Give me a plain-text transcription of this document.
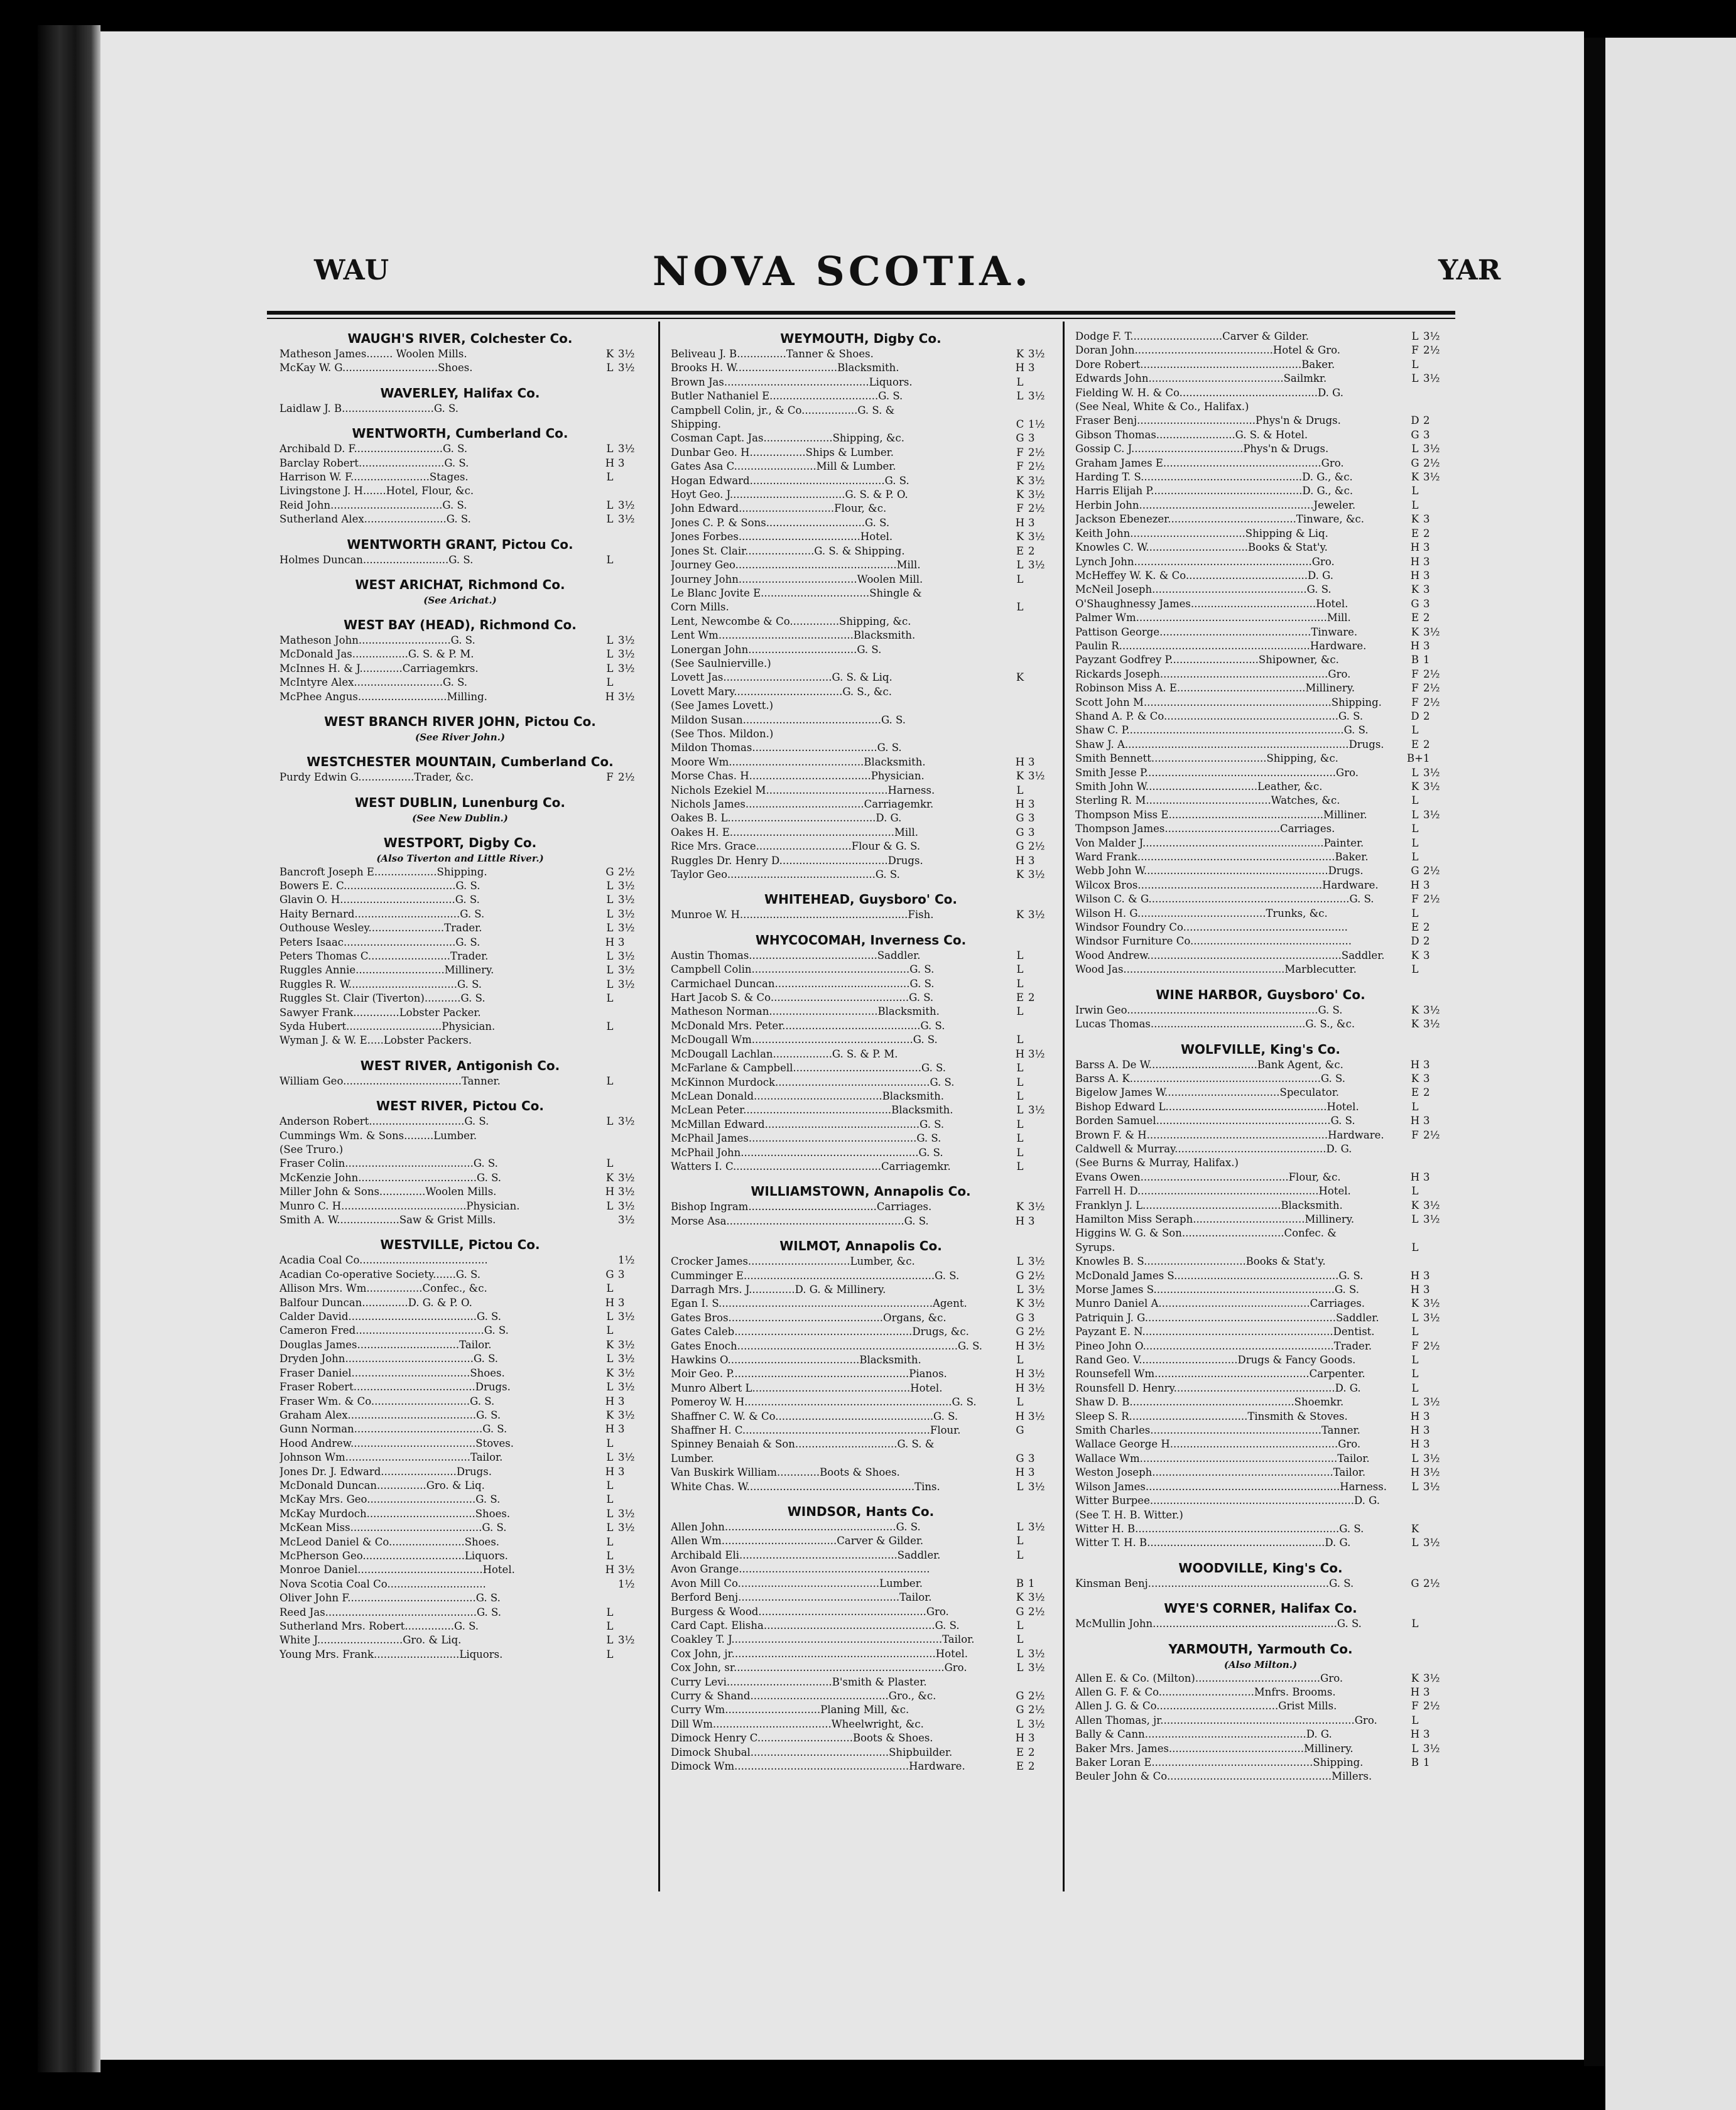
WAU	NOVA SCOTIA.	YAR
WAUGH'S RIVER, Colchester Co.
Matheson James........ Woolen Mills.	K 3½
McKay W. G.............................Shoes.	L 3½
WAVERLEY, Halifax Co.
Laidlaw J. B............................G. S.
WENTWORTH, Cumberland Co.
Archibald D. F...........................G. S.	L 3½
Barclay Robert..........................G. S.	H 3
Harrison W. F........................Stages.	L
Livingstone J. H.......Hotel, Flour, &c.
Reid John..................................G. S.	L 3½
Sutherland Alex.........................G. S.	L 3½
WENTWORTH GRANT, Pictou Co.
Holmes Duncan..........................G. S.	L
WEST ARICHAT, Richmond Co.
(See Arichat.)
WEST BAY (HEAD), Richmond Co.
Matheson John............................G. S.	L 3½
McDonald Jas.................G. S. & P. M.	L 3½
McInnes H. & J.............Carriagemkrs.	L 3½
McIntyre Alex...........................G. S.	L
McPhee Angus...........................Milling.	H 3½
WEST BRANCH RIVER JOHN, Pictou Co.
(See River John.)
WESTCHESTER MOUNTAIN, Cumberland Co.
Purdy Edwin G.................Trader, &c.	F 2½
WEST DUBLIN, Lunenburg Co.
(See New Dublin.)
WESTPORT, Digby Co.
(Also Tiverton and Little River.)
Bancroft Joseph E...................Shipping.	G 2½
Bowers E. C..................................G. S.	L 3½
Glavin O. H...................................G. S.	L 3½
Haity Bernard................................G. S.	L 3½
Outhouse Wesley.......................Trader.	L 3½
Peters Isaac..................................G. S.	H 3
Peters Thomas C.........................Trader.	L 3½
Ruggles Annie...........................Millinery.	L 3½
Ruggles R. W.................................G. S.	L 3½
Ruggles St. Clair (Tiverton)...........G. S.	L
Sawyer Frank..............Lobster Packer.
Syda Hubert.............................Physician.	L
Wyman J. & W. E.....Lobster Packers.
WEST RIVER, Antigonish Co.
William Geo....................................Tanner.	L
WEST RIVER, Pictou Co.
Anderson Robert.............................G. S.	L 3½
Cummings Wm. & Sons.........Lumber.
(See Truro.)
Fraser Colin.......................................G. S.	L
McKenzie John....................................G. S.	K 3½
Miller John & Sons..............Woolen Mills.	H 3½
Munro C. H......................................Physician.	L 3½
Smith A. W...................Saw & Grist Mills.	3½
WESTVILLE, Pictou Co.
Acadia Coal Co.......................................	1½
Acadian Co-operative Society.......G. S.	G 3
Allison Mrs. Wm.................Confec., &c.	L
Balfour Duncan..............D. G. & P. O.	H 3
Calder David.......................................G. S.	L 3½
Cameron Fred.......................................G. S.	L
Douglas James...............................Tailor.	K 3½
Dryden John.......................................G. S.	L 3½
Fraser Daniel....................................Shoes.	K 3½
Fraser Robert.....................................Drugs.	L 3½
Fraser Wm. & Co..............................G. S.	H 3
Graham Alex.......................................G. S.	K 3½
Gunn Norman.......................................G. S.	H 3
Hood Andrew......................................Stoves.	L
Johnson Wm......................................Tailor.	L 3½
Jones Dr. J. Edward.......................Drugs.	H 3
McDonald Duncan...............Gro. & Liq.	L
McKay Mrs. Geo.................................G. S.	L
McKay Murdoch.................................Shoes.	L 3½
McKean Miss........................................G. S.	L 3½
McLeod Daniel & Co.......................Shoes.	L
McPherson Geo...............................Liquors.	L
Monroe Daniel......................................Hotel.	H 3½
Nova Scotia Coal Co..............................	1½
Oliver John F.......................................G. S.
Reed Jas..............................................G. S.	L
Sutherland Mrs. Robert...............G. S.	L
White J..........................Gro. & Liq.	L 3½
Young Mrs. Frank..........................Liquors.	L
WEYMOUTH, Digby Co.
Beliveau J. B...............Tanner & Shoes.	K 3½
Brooks H. W...............................Blacksmith.	H 3
Brown Jas............................................Liquors.	L
Butler Nathaniel E.................................G. S.	L 3½
Campbell Colin, jr., & Co.................G. S. &
Shipping.	C 1½
Cosman Capt. Jas.....................Shipping, &c.	G 3
Dunbar Geo. H.................Ships & Lumber.	F 2½
Gates Asa C.........................Mill & Lumber.	F 2½
Hogan Edward.........................................G. S.	K 3½
Hoyt Geo. J...................................G. S. & P. O.	K 3½
John Edward.............................Flour, &c.	F 2½
Jones C. P. & Sons..............................G. S.	H 3
Jones Forbes.....................................Hotel.	K 3½
Jones St. Clair.....................G. S. & Shipping.	E 2
Journey Geo.................................................Mill.	L 3½
Journey John....................................Woolen Mill.	L
Le Blanc Jovite E.................................Shingle &
Corn Mills.	L
Lent, Newcombe & Co...............Shipping, &c.
Lent Wm.........................................Blacksmith.
Lonergan John.................................G. S.
(See Saulnierville.)
Lovett Jas.................................G. S. & Liq.	K
Lovett Mary.................................G. S., &c.
(See James Lovett.)
Mildon Susan..........................................G. S.
(See Thos. Mildon.)
Mildon Thomas......................................G. S.
Moore Wm.........................................Blacksmith.	H 3
Morse Chas. H.....................................Physician.	K 3½
Nichols Ezekiel M.....................................Harness.	L
Nichols James....................................Carriagemkr.	H 3
Oakes B. L.............................................D. G.	G 3
Oakes H. E..................................................Mill.	G 3
Rice Mrs. Grace.............................Flour & G. S.	G 2½
Ruggles Dr. Henry D.................................Drugs.	H 3
Taylor Geo.............................................G. S.	K 3½
WHITEHEAD, Guysboro' Co.
Munroe W. H...................................................Fish.	K 3½
WHYCOCOMAH, Inverness Co.
Austin Thomas.......................................Saddler.	L
Campbell Colin................................................G. S.	L
Carmichael Duncan.........................................G. S.	L
Hart Jacob S. & Co..........................................G. S.	E 2
Matheson Norman.................................Blacksmith.	L
McDonald Mrs. Peter..........................................G. S.
McDougall Wm.................................................G. S.	L
McDougall Lachlan..................G. S. & P. M.	H 3½
McFarlane & Campbell.......................................G. S.	L
McKinnon Murdock...............................................G. S.	L
McLean Donald.......................................Blacksmith.	L
McLean Peter.............................................Blacksmith.	L 3½
McMillan Edward...............................................G. S.	L
McPhail James...................................................G. S.	L
McPhail John......................................................G. S.	L
Watters I. C.............................................Carriagemkr.	L
WILLIAMSTOWN, Annapolis Co.
Bishop Ingram.......................................Carriages.	K 3½
Morse Asa......................................................G. S.	H 3
WILMOT, Annapolis Co.
Crocker James...............................Lumber, &c.	L 3½
Cumminger E..........................................................G. S.	G 2½
Darragh Mrs. J..............D. G. & Millinery.	L 3½
Egan I. S.................................................................Agent.	K 3½
Gates Bros...............................................Organs, &c.	G 3
Gates Caleb......................................................Drugs, &c.	G 2½
Gates Enoch...................................................................G. S.	H 3½
Hawkins O........................................Blacksmith.	L
Moir Geo. P......................................................Pianos.	H 3½
Munro Albert L................................................Hotel.	H 3½
Pomeroy W. H...............................................................G. S.	L
Shaffner C. W. & Co................................................G. S.	H 3½
Shaffner H. C.........................................................Flour.	G
Spinney Benaiah & Son...............................G. S. &
Lumber.	G 3
Van Buskirk William.............Boots & Shoes.	H 3
White Chas. W...................................................Tins.	L 3½
WINDSOR, Hants Co.
Allen John....................................................G. S.	L 3½
Allen Wm...................................Carver & Gilder.	L
Archibald Eli................................................Saddler.	L
Avon Grange..........................................................
Avon Mill Co...........................................Lumber.	B 1
Berford Benj.................................................Tailor.	K 3½
Burgess & Wood...................................................Gro.	G 2½
Card Capt. Elisha....................................................G. S.	L
Coakley T. J................................................................Tailor.	L
Cox John, jr..............................................................Hotel.	L 3½
Cox John, sr................................................................Gro.	L 3½
Curry Levi................................B'smith & Plaster.
Curry & Shand..........................................Gro., &c.	G 2½
Curry Wm.............................Planing Mill, &c.	G 2½
Dill Wm....................................Wheelwright, &c.	L 3½
Dimock Henry C.............................Boots & Shoes.	H 3
Dimock Shubal..........................................Shipbuilder.	E 2
Dimock Wm.....................................................Hardware.	E 2
Dodge F. T............................Carver & Gilder.	L 3½
Doran John..........................................Hotel & Gro.	F 2½
Dore Robert.................................................Baker.	L
Edwards John.........................................Sailmkr.	L 3½
Fielding W. H. & Co..........................................D. G.
(See Neal, White & Co., Halifax.)
Fraser Benj....................................Phys'n & Drugs.	D 2
Gibson Thomas........................G. S. & Hotel.	G 3
Gossip C. J..................................Phys'n & Drugs.	L 3½
Graham James E................................................Gro.	G 2½
Harding T. S.................................................D. G., &c.	K 3½
Harris Elijah P..............................................D. G., &c.	L
Herbin John.....................................................Jeweler.	L
Jackson Ebenezer.......................................Tinware, &c.	K 3
Keith John...................................Shipping & Liq.	E 2
Knowles C. W...............................Books & Stat'y.	H 3
Lynch John......................................................Gro.	H 3
McHeffey W. K. & Co.....................................D. G.	H 3
McNeil Joseph...............................................G. S.	K 3
O'Shaughnessy James......................................Hotel.	G 3
Palmer Wm..........................................................Mill.	E 2
Pattison George..............................................Tinware.	K 3½
Paulin R..........................................................Hardware.	H 3
Payzant Godfrey P...........................Shipowner, &c.	B 1
Rickards Joseph...................................................Gro.	F 2½
Robinson Miss A. E.......................................Millinery.	F 2½
Scott John M.........................................................Shipping.	F 2½
Shand A. P. & Co.....................................................G. S.	D 2
Shaw C. P..................................................................G. S.	L
Shaw J. A....................................................................Drugs.	E 2
Smith Bennett...................................Shipping, &c.	B+ 1
Smith Jesse P..........................................................Gro.	L 3½
Smith John W..................................Leather, &c.	K 3½
Sterling R. M......................................Watches, &c.	L
Thompson Miss E...............................................Milliner.	L 3½
Thompson James...................................Carriages.	L
Von Malder J.......................................................Painter.	L
Ward Frank............................................................Baker.	L
Webb John W........................................................Drugs.	G 2½
Wilcox Bros........................................................Hardware.	H 3
Wilson C. & G.............................................................G. S.	F 2½
Wilson H. G.......................................Trunks, &c.	L
Windsor Foundry Co..................................................	E 2
Windsor Furniture Co.................................................	D 2
Wood Andrew...........................................................Saddler.	K 3
Wood Jas.................................................Marblecutter.	L
WINE HARBOR, Guysboro' Co.
Irwin Geo..........................................................G. S.	K 3½
Lucas Thomas...............................................G. S., &c.	K 3½
WOLFVILLE, King's Co.
Barss A. De W.................................Bank Agent, &c.	H 3
Barss A. K..........................................................G. S.	K 3
Bigelow James W...................................Speculator.	E 2
Bishop Edward L.................................................Hotel.	L
Borden Samuel.....................................................G. S.	H 3
Brown F. & H.......................................................Hardware.	F 2½
Caldwell & Murray..............................................D. G.
(See Burns & Murray, Halifax.)
Evans Owen.............................................Flour, &c.	H 3
Farrell H. D.......................................................Hotel.	L
Franklyn J. L..........................................Blacksmith.	K 3½
Hamilton Miss Seraph..................................Millinery.	L 3½
Higgins W. G. & Son...............................Confec. &
Syrups.	L
Knowles B. S...............................Books & Stat'y.
McDonald James S..................................................G. S.	H 3
Morse James S.......................................................G. S.	H 3
Munro Daniel A..............................................Carriages.	K 3½
Patriquin J. G..........................................................Saddler.	L 3½
Payzant E. N..........................................................Dentist.	L
Pineo John O..........................................................Trader.	F 2½
Rand Geo. V..............................Drugs & Fancy Goods.	L
Rounsefell Wm...............................................Carpenter.	L
Rounsfell D. Henry.................................................D. G.	L
Shaw D. B..................................................Shoemkr.	L 3½
Sleep S. R....................................Tinsmith & Stoves.	H 3
Smith Charles....................................................Tanner.	H 3
Wallace George H...................................................Gro.	H 3
Wallace Wm............................................................Tailor.	L 3½
Weston Joseph.......................................................Tailor.	H 3½
Wilson James...........................................................Harness.	L 3½
Witter Burpee..............................................................D. G.
(See T. H. B. Witter.)
Witter H. B..............................................................G. S.	K
Witter T. H. B......................................................D. G.	L 3½
WOODVILLE, King's Co.
Kinsman Benj.......................................................G. S.	G 2½
WYE'S CORNER, Halifax Co.
McMullin John........................................................G. S.	L
YARMOUTH, Yarmouth Co.
(Also Milton.)
Allen E. & Co. (Milton)......................................Gro.	K 3½
Allen G. F. & Co.............................Mnfrs. Brooms.	H 3
Allen J. G. & Co.....................................Grist Mills.	F 2½
Allen Thomas, jr...........................................................Gro.	L
Bally & Cann.................................................D. G.	H 3
Baker Mrs. James.........................................Millinery.	L 3½
Baker Loran E.................................................Shipping.	B 1
Beuler John & Co..................................................Millers.
